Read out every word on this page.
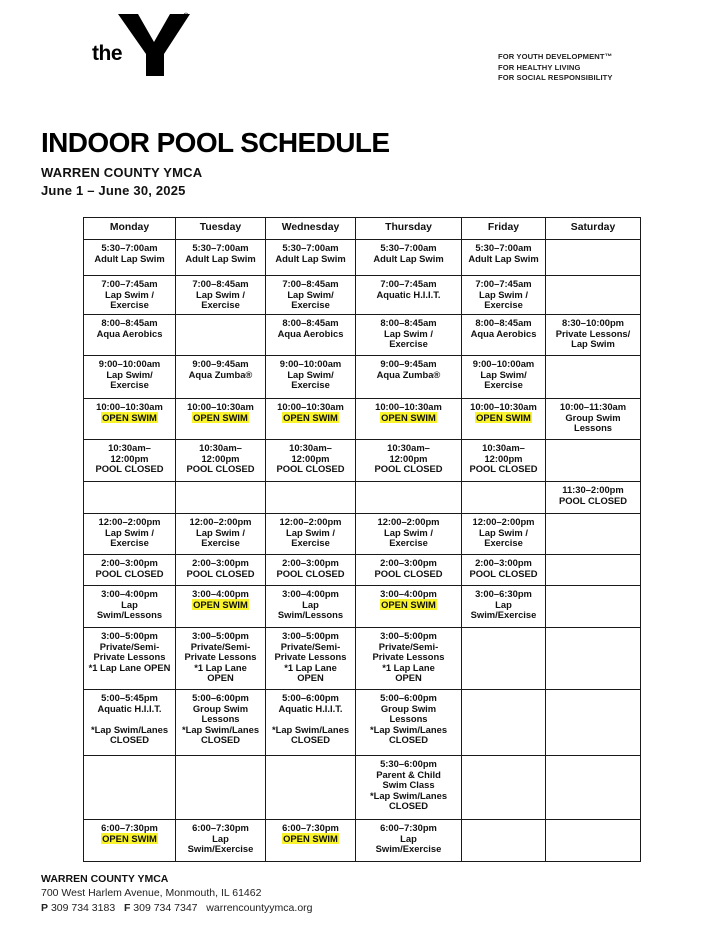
the	YMCA	FOR YOUTH DEVELOPMENT™
FOR HEALTHY LIVING
FOR SOCIAL RESPONSIBILITY
INDOOR POOL SCHEDULE
WARREN COUNTY YMCA
June 1 – June 30, 2025
Monday	Tuesday	Wednesday	Thursday	Friday	Saturday

5:30–7:00am
Adult Lap Swim	5:30–7:00am
Adult Lap Swim	5:30–7:00am
Adult Lap Swim	5:30–7:00am
Adult Lap Swim	5:30–7:00am
Adult Lap Swim	

7:00–7:45am
Lap Swim /
Exercise	7:00–8:45am
Lap Swim /
Exercise	7:00–8:45am
Lap Swim/
Exercise	7:00–7:45am
Aquatic H.I.I.T.	7:00–7:45am
Lap Swim /
Exercise	

8:00–8:45am
Aqua Aerobics		8:00–8:45am
Aqua Aerobics	8:00–8:45am
Lap Swim /
Exercise	8:00–8:45am
Aqua Aerobics	8:30–10:00pm
Private Lessons/
Lap Swim

9:00–10:00am
Lap Swim/
Exercise	9:00–9:45am
Aqua Zumba®	9:00–10:00am
Lap Swim/
Exercise	9:00–9:45am
Aqua Zumba®	9:00–10:00am
Lap Swim/
Exercise	

10:00–10:30am
OPEN SWIM	10:00–10:30am
OPEN SWIM	10:00–10:30am
OPEN SWIM	10:00–10:30am
OPEN SWIM	10:00–10:30am
OPEN SWIM	10:00–11:30am
Group Swim
Lessons

10:30am–
12:00pm
POOL CLOSED	10:30am–
12:00pm
POOL CLOSED	10:30am–
12:00pm
POOL CLOSED	10:30am–
12:00pm
POOL CLOSED	10:30am–
12:00pm
POOL CLOSED	

					11:30–2:00pm
POOL CLOSED

12:00–2:00pm
Lap Swim /
Exercise	12:00–2:00pm
Lap Swim /
Exercise	12:00–2:00pm
Lap Swim /
Exercise	12:00–2:00pm
Lap Swim /
Exercise	12:00–2:00pm
Lap Swim /
Exercise	

2:00–3:00pm
POOL CLOSED	2:00–3:00pm
POOL CLOSED	2:00–3:00pm
POOL CLOSED	2:00–3:00pm
POOL CLOSED	2:00–3:00pm
POOL CLOSED	

3:00–4:00pm
Lap
Swim/Lessons	3:00–4:00pm
OPEN SWIM	3:00–4:00pm
Lap
Swim/Lessons	3:00–4:00pm
OPEN SWIM	3:00–6:30pm
Lap
Swim/Exercise	

3:00–5:00pm
Private/Semi-
Private Lessons
*1 Lap Lane OPEN	3:00–5:00pm
Private/Semi-
Private Lessons
*1 Lap Lane
OPEN	3:00–5:00pm
Private/Semi-
Private Lessons
*1 Lap Lane
OPEN	3:00–5:00pm
Private/Semi-
Private Lessons
*1 Lap Lane
OPEN		

5:00–5:45pm
Aquatic H.I.I.T.
*Lap Swim/Lanes
CLOSED	5:00–6:00pm
Group Swim
Lessons
*Lap Swim/Lanes
CLOSED	5:00–6:00pm
Aquatic H.I.I.T.
*Lap Swim/Lanes
CLOSED	5:00–6:00pm
Group Swim
Lessons
*Lap Swim/Lanes
CLOSED		

			5:30–6:00pm
Parent & Child
Swim Class
*Lap Swim/Lanes
CLOSED		

6:00–7:30pm
OPEN SWIM	6:00–7:30pm
Lap
Swim/Exercise	6:00–7:30pm
OPEN SWIM	6:00–7:30pm
Lap
Swim/Exercise		

WARREN COUNTY YMCA
700 West Harlem Avenue, Monmouth, IL 61462
P 309 734 3183 F 309 734 7347 warrencountyymca.org
